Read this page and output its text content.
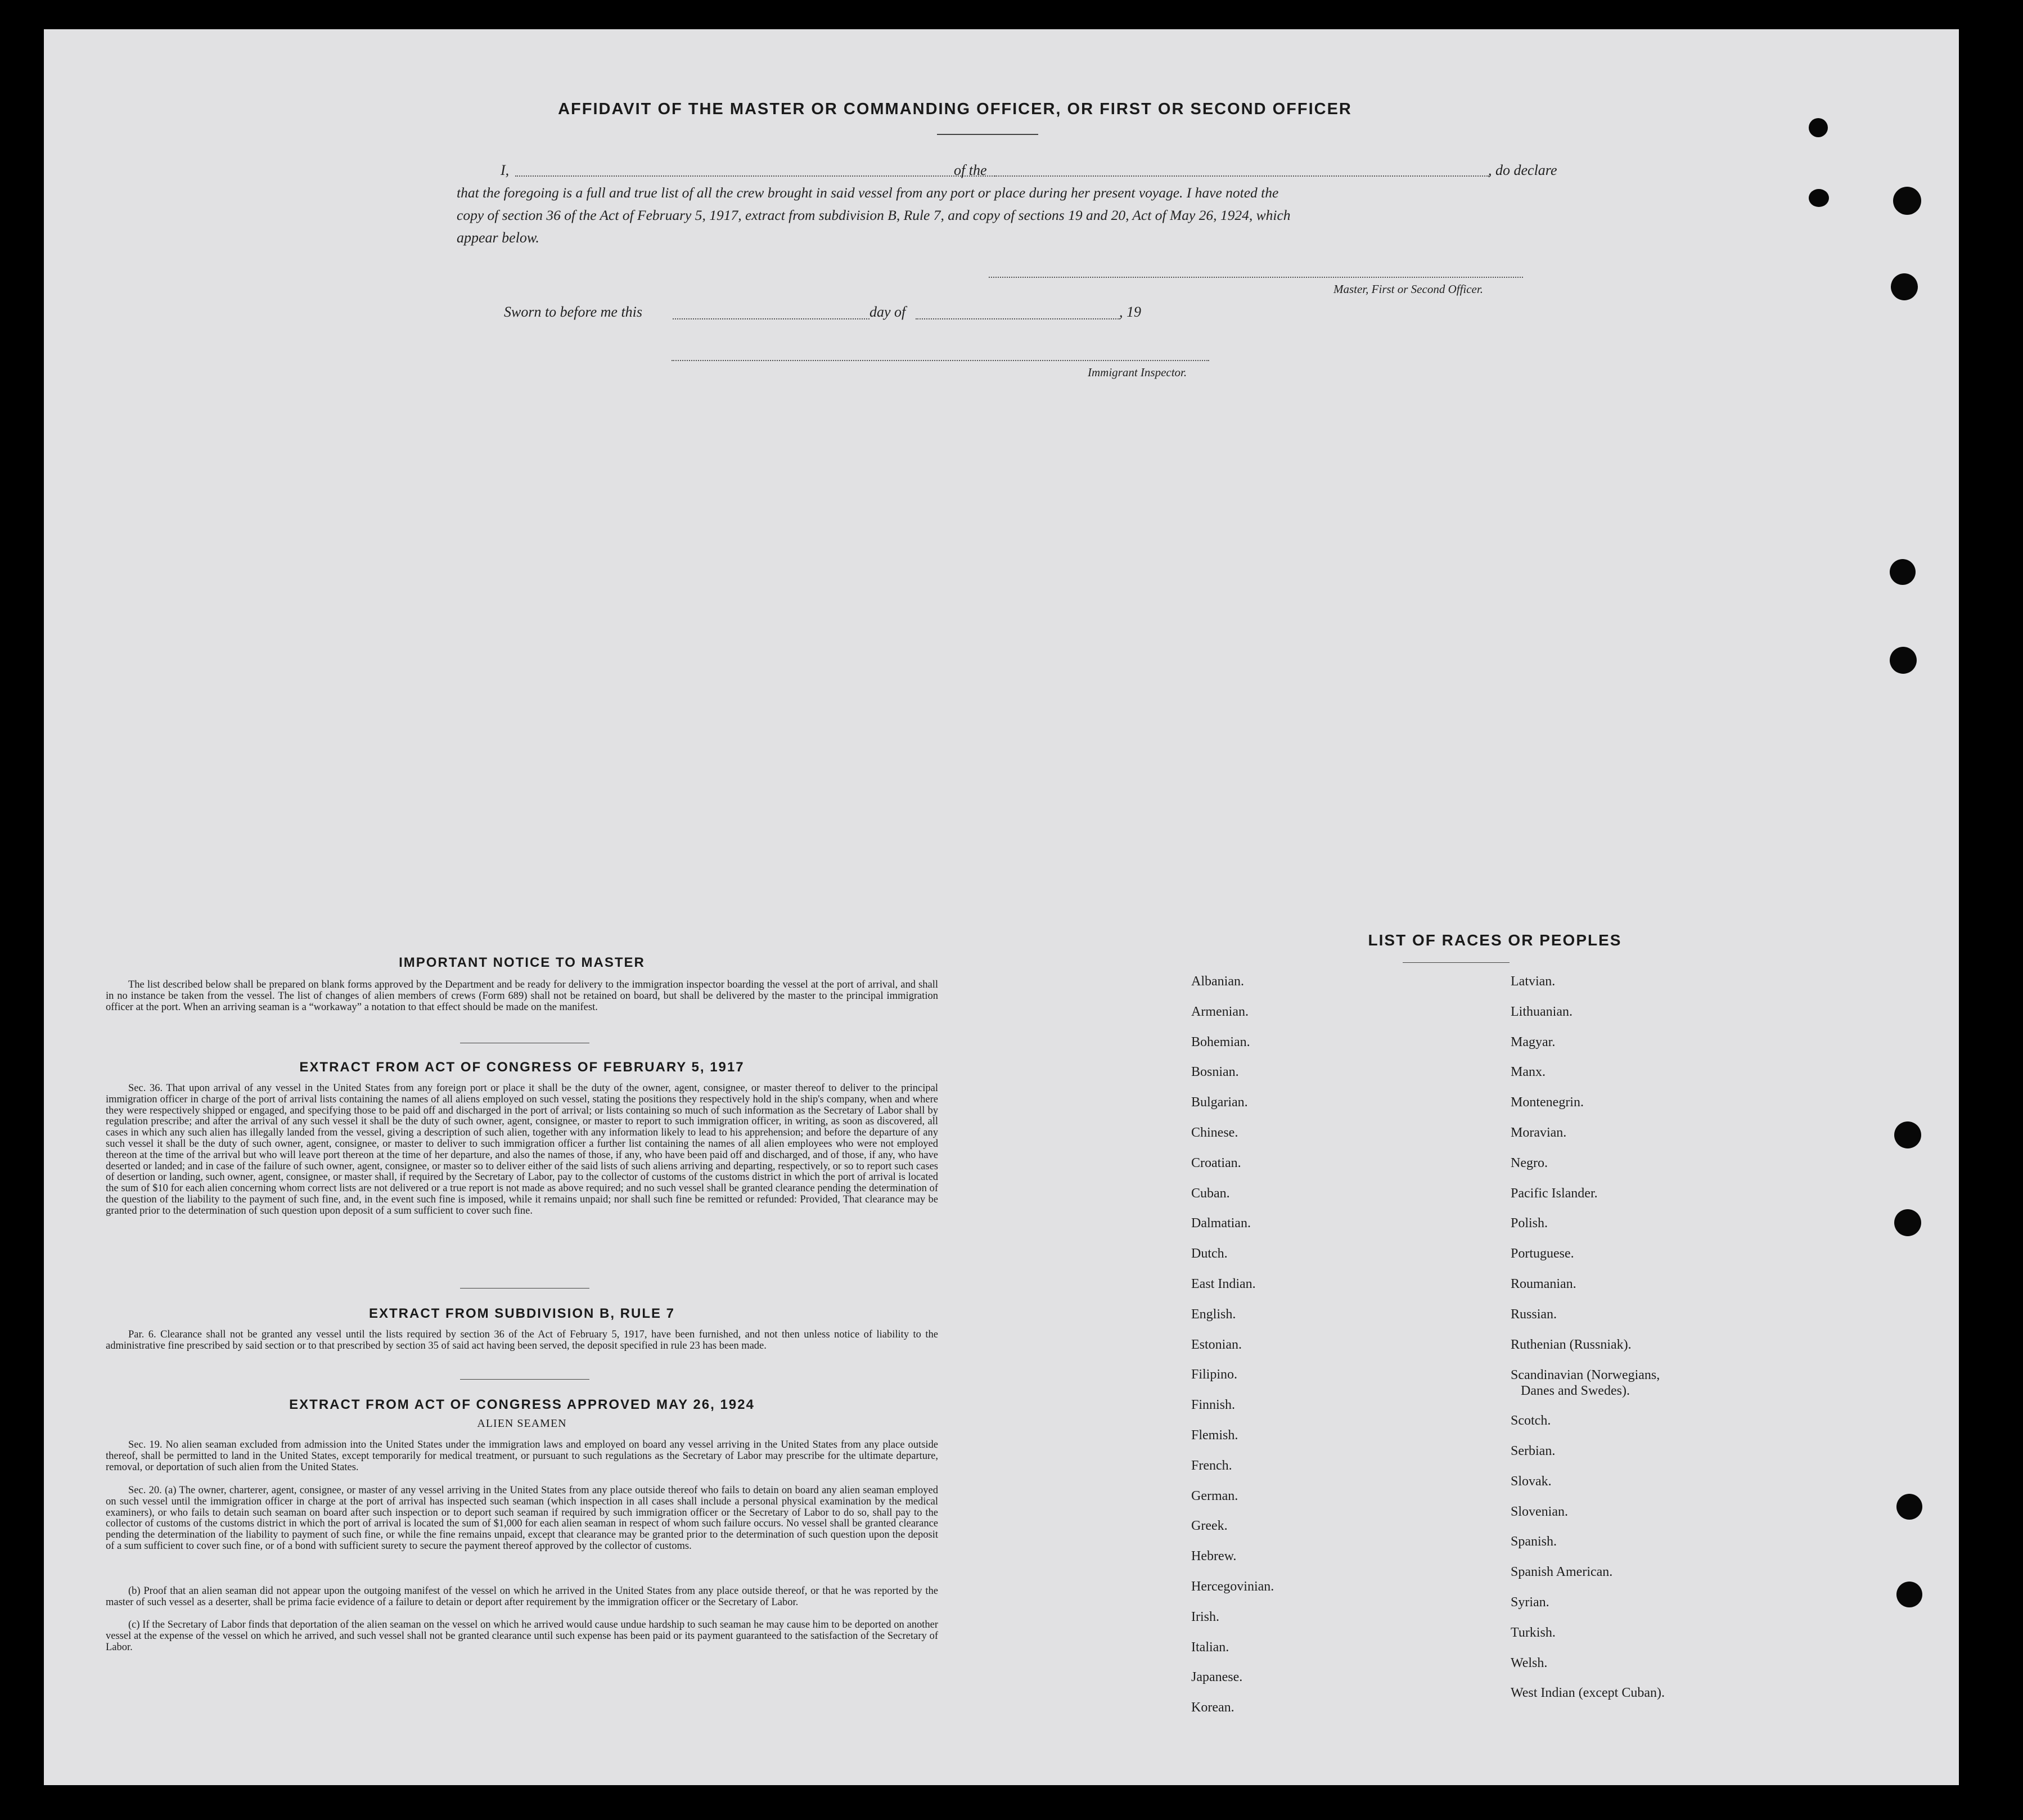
AFFIDAVIT OF THE MASTER OR COMMANDING OFFICER, OR FIRST OR SECOND OFFICER
I,	of the	, do declare
that the foregoing is a full and true list of all the crew brought in said vessel from any port or place during her present voyage. I have noted the
copy of section 36 of the Act of February 5, 1917, extract from subdivision B, Rule 7, and copy of sections 19 and 20, Act of May 26, 1924, which
appear below.
Master, First or Second Officer.
Sworn to before me this	day of	, 19
Immigrant Inspector.
IMPORTANT NOTICE TO MASTER
The list described below shall be prepared on blank forms approved by the Department and be ready for delivery to the immigration inspector boarding the vessel at the port of arrival, and shall in no instance be taken from the vessel. The list of changes of alien members of crews (Form 689) shall not be retained on board, but shall be delivered by the master to the principal immigration officer at the port. When an arriving seaman is a “workaway” a notation to that effect should be made on the manifest.
EXTRACT FROM ACT OF CONGRESS OF FEBRUARY 5, 1917
Sec. 36. That upon arrival of any vessel in the United States from any foreign port or place it shall be the duty of the owner, agent, consignee, or master thereof to deliver to the principal immigration officer in charge of the port of arrival lists containing the names of all aliens employed on such vessel, stating the positions they respectively hold in the ship's company, when and where they were respectively shipped or engaged, and specifying those to be paid off and discharged in the port of arrival; or lists containing so much of such information as the Secretary of Labor shall by regulation prescribe; and after the arrival of any such vessel it shall be the duty of such owner, agent, consignee, or master to report to such immigration officer, in writing, as soon as discovered, all cases in which any such alien has illegally landed from the vessel, giving a description of such alien, together with any information likely to lead to his apprehension; and before the departure of any such vessel it shall be the duty of such owner, agent, consignee, or master to deliver to such immigration officer a further list containing the names of all alien employees who were not employed thereon at the time of the arrival but who will leave port thereon at the time of her departure, and also the names of those, if any, who have been paid off and discharged, and of those, if any, who have deserted or landed; and in case of the failure of such owner, agent, consignee, or master so to deliver either of the said lists of such aliens arriving and departing, respectively, or so to report such cases of desertion or landing, such owner, agent, consignee, or master shall, if required by the Secretary of Labor, pay to the collector of customs of the customs district in which the port of arrival is located the sum of $10 for each alien concerning whom correct lists are not delivered or a true report is not made as above required; and no such vessel shall be granted clearance pending the determination of the question of the liability to the payment of such fine, and, in the event such fine is imposed, while it remains unpaid; nor shall such fine be remitted or refunded: Provided, That clearance may be granted prior to the determination of such question upon deposit of a sum sufficient to cover such fine.
EXTRACT FROM SUBDIVISION B, RULE 7
Par. 6. Clearance shall not be granted any vessel until the lists required by section 36 of the Act of February 5, 1917, have been furnished, and not then unless notice of liability to the administrative fine prescribed by said section or to that prescribed by section 35 of said act having been served, the deposit specified in rule 23 has been made.
EXTRACT FROM ACT OF CONGRESS APPROVED MAY 26, 1924
ALIEN SEAMEN
Sec. 19. No alien seaman excluded from admission into the United States under the immigration laws and employed on board any vessel arriving in the United States from any place outside thereof, shall be permitted to land in the United States, except temporarily for medical treatment, or pursuant to such regulations as the Secretary of Labor may prescribe for the ultimate departure, removal, or deportation of such alien from the United States.
Sec. 20. (a) The owner, charterer, agent, consignee, or master of any vessel arriving in the United States from any place outside thereof who fails to detain on board any alien seaman employed on such vessel until the immigration officer in charge at the port of arrival has inspected such seaman (which inspection in all cases shall include a personal physical examination by the medical examiners), or who fails to detain such seaman on board after such inspection or to deport such seaman if required by such immigration officer or the Secretary of Labor to do so, shall pay to the collector of customs of the customs district in which the port of arrival is located the sum of $1,000 for each alien seaman in respect of whom such failure occurs. No vessel shall be granted clearance pending the determination of the liability to payment of such fine, or while the fine remains unpaid, except that clearance may be granted prior to the determination of such question upon the deposit of a sum sufficient to cover such fine, or of a bond with sufficient surety to secure the payment thereof approved by the collector of customs.
(b) Proof that an alien seaman did not appear upon the outgoing manifest of the vessel on which he arrived in the United States from any place outside thereof, or that he was reported by the master of such vessel as a deserter, shall be prima facie evidence of a failure to detain or deport after requirement by the immigration officer or the Secretary of Labor.
(c) If the Secretary of Labor finds that deportation of the alien seaman on the vessel on which he arrived would cause undue hardship to such seaman he may cause him to be deported on another vessel at the expense of the vessel on which he arrived, and such vessel shall not be granted clearance until such expense has been paid or its payment guaranteed to the satisfaction of the Secretary of Labor.
LIST OF RACES OR PEOPLES
Albanian.
Armenian.
Bohemian.
Bosnian.
Bulgarian.
Chinese.
Croatian.
Cuban.
Dalmatian.
Dutch.
East Indian.
English.
Estonian.
Filipino.
Finnish.
Flemish.
French.
German.
Greek.
Hebrew.
Hercegovinian.
Irish.
Italian.
Japanese.
Korean.
Latvian.
Lithuanian.
Magyar.
Manx.
Montenegrin.
Moravian.
Negro.
Pacific Islander.
Polish.
Portuguese.
Roumanian.
Russian.
Ruthenian (Russniak).
Scandinavian (Norwegians,
Danes and Swedes).
Scotch.
Serbian.
Slovak.
Slovenian.
Spanish.
Spanish American.
Syrian.
Turkish.
Welsh.
West Indian (except Cuban).
